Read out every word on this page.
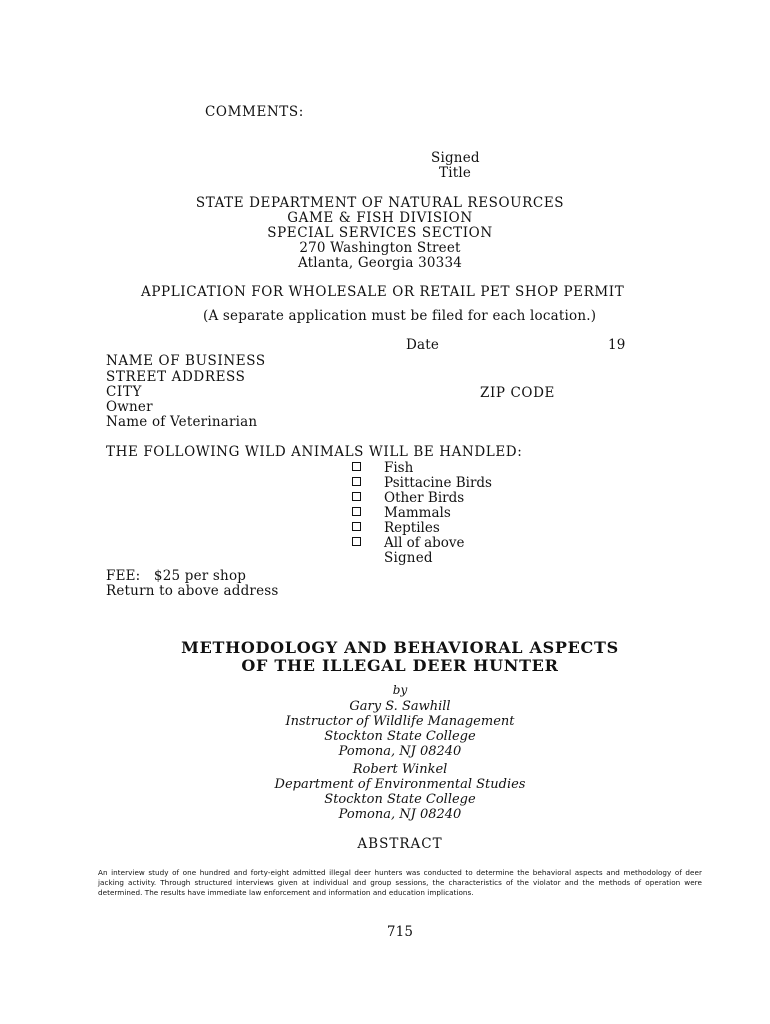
COMMENTS:
Signed
Title
STATE DEPARTMENT OF NATURAL RESOURCES
GAME & FISH DIVISION
SPECIAL SERVICES SECTION
270 Washington Street
Atlanta, Georgia 30334
APPLICATION FOR WHOLESALE OR RETAIL PET SHOP PERMIT
(A separate application must be filed for each location.)
Date	19
NAME OF BUSINESS
STREET ADDRESS
CITY	ZIP CODE
Owner
Name of Veterinarian
THE FOLLOWING WILD ANIMALS WILL BE HANDLED:
Fish
Psittacine Birds
Other Birds
Mammals
Reptiles
All of above
Signed
FEE:   $25 per shop
Return to above address
METHODOLOGY AND BEHAVIORAL ASPECTS
OF THE ILLEGAL DEER HUNTER
by
Gary S. Sawhill
Instructor of Wildlife Management
Stockton State College
Pomona, NJ 08240
Robert Winkel
Department of Environmental Studies
Stockton State College
Pomona, NJ 08240
ABSTRACT
An interview study of one hundred and forty-eight admitted illegal deer hunters was conducted to determine the behavioral aspects and methodology of deer jacking activity. Through structured interviews given at individual and group sessions, the characteristics of the violator and the methods of operation were determined. The results have immediate law enforcement and information and education implications.
715
